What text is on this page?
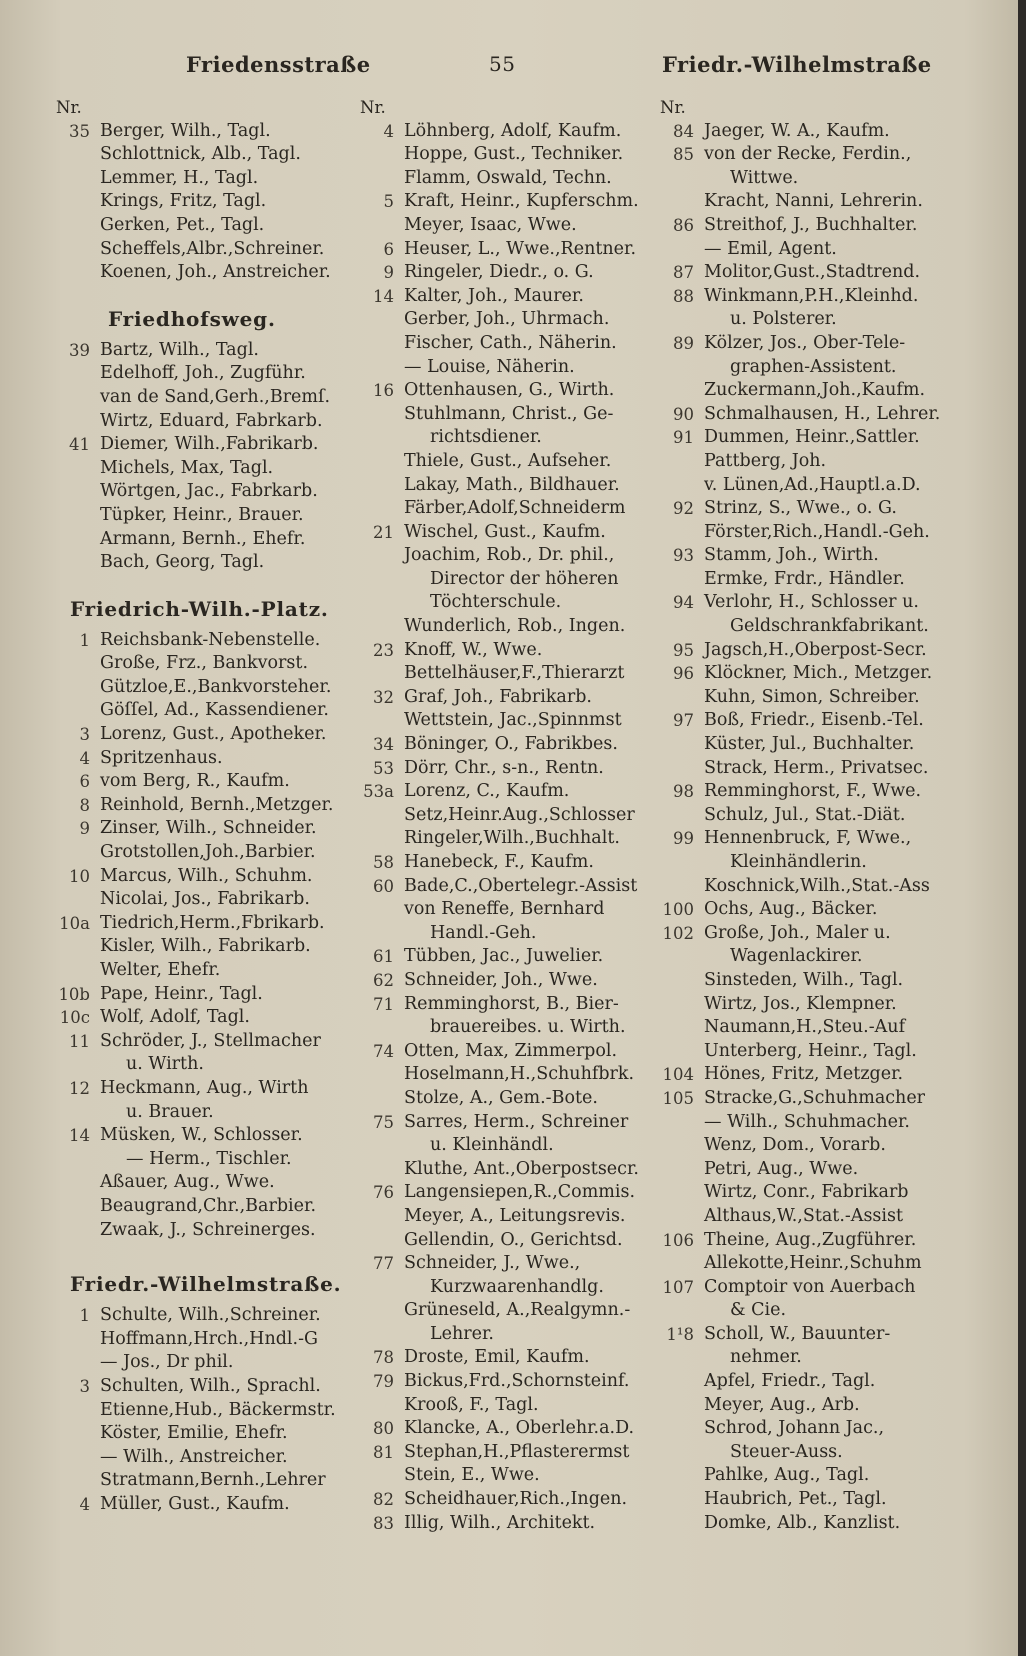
Friedensstraße	55	Friedr.-Wilhelmstraße
Nr.
35 Berger, Wilh., Tagl.
Schlottnick, Alb., Tagl.
Lemmer, H., Tagl.
Krings, Fritz, Tagl.
Gerken, Pet., Tagl.
Scheffels,Albr.,Schreiner.
Koenen, Joh., Anstreicher.
Friedhofsweg.
39 Bartz, Wilh., Tagl.
Edelhoff, Joh., Zugführ.
van de Sand,Gerh.,Bremſ.
Wirtz, Eduard, Fabrkarb.
41 Diemer, Wilh.,Fabrikarb.
Michels, Max, Tagl.
Wörtgen, Jac., Fabrkarb.
Tüpker, Heinr., Brauer.
Armann, Bernh., Ehefr.
Bach, Georg, Tagl.
Friedrich-Wilh.-Platz.
1 Reichsbank-Nebenstelle.
Große, Frz., Bankvorst.
Gützloe,E.,Bankvorsteher.
Göſſel, Ad., Kassendiener.
3 Lorenz, Gust., Apotheker.
4 Spritzenhaus.
6 vom Berg, R., Kaufm.
8 Reinhold, Bernh.,Metzger.
9 Zinser, Wilh., Schneider.
Grotstollen,Joh.,Barbier.
10 Marcus, Wilh., Schuhm.
Nicolai, Jos., Fabrikarb.
10a Tiedrich,Herm.,Fbrikarb.
Kisler, Wilh., Fabrikarb.
Welter, Ehefr.
10b Pape, Heinr., Tagl.
10c Wolf, Adolf, Tagl.
11 Schröder, J., Stellmacher
u. Wirth.
12 Heckmann, Aug., Wirth
u. Brauer.
14 Müsken, W., Schlosser.
— Herm., Tischler.
Aßauer, Aug., Wwe.
Beaugrand,Chr.,Barbier.
Zwaak, J., Schreinerges.
Friedr.-Wilhelmstraße.
1 Schulte, Wilh.,Schreiner.
Hoffmann,Hrch.,Hndl.-G
— Jos., Dr phil.
3 Schulten, Wilh., Sprachl.
Etienne,Hub., Bäckermstr.
Köster, Emilie, Ehefr.
— Wilh., Anstreicher.
Stratmann,Bernh.,Lehrer
4 Müller, Gust., Kaufm.
Nr.
4 Löhnberg, Adolf, Kaufm.
Hoppe, Gust., Techniker.
Flamm, Oswald, Techn.
5 Kraft, Heinr., Kupferschm.
Meyer, Isaac, Wwe.
6 Heuser, L., Wwe.,Rentner.
9 Ringeler, Diedr., o. G.
14 Kalter, Joh., Maurer.
Gerber, Joh., Uhrmach.
Fischer, Cath., Näherin.
— Louise, Näherin.
16 Ottenhausen, G., Wirth.
Stuhlmann, Christ., Ge-
richtsdiener.
Thiele, Gust., Aufseher.
Lakay, Math., Bildhauer.
Färber,Adolf,Schneiderm
21 Wischel, Gust., Kaufm.
Joachim, Rob., Dr. phil.,
Director der höheren
Töchterschule.
Wunderlich, Rob., Ingen.
23 Knoff, W., Wwe.
Bettelhäuser,F.,Thierarzt
32 Graf, Joh., Fabrikarb.
Wettstein, Jac.,Spinnmst
34 Böninger, O., Fabrikbes.
53 Dörr, Chr., s-n., Rentn.
53a Lorenz, C., Kaufm.
Setz,Heinr.Aug.,Schlosser
Ringeler,Wilh.,Buchhalt.
58 Hanebeck, F., Kaufm.
60 Bade,C.,Obertelegr.-Assist
von Reneffe, Bernhard
Handl.-Geh.
61 Tübben, Jac., Juwelier.
62 Schneider, Joh., Wwe.
71 Remminghorst, B., Bier-
brauereibes. u. Wirth.
74 Otten, Max, Zimmerpol.
Hoselmann,H.,Schuhfbrk.
Stolze, A., Gem.-Bote.
75 Sarres, Herm., Schreiner
u. Kleinhändl.
Kluthe, Ant.,Oberpostsecr.
76 Langensiepen,R.,Commis.
Meyer, A., Leitungsrevis.
Gellendin, O., Gerichtsd.
77 Schneider, J., Wwe.,
Kurzwaarenhandlg.
Grüneseld, A.,Realgymn.-
Lehrer.
78 Droste, Emil, Kaufm.
79 Bickus,Frd.,Schornsteinf.
Krooß, F., Tagl.
80 Klancke, A., Oberlehr.a.D.
81 Stephan,H.,Pflasterermst
Stein, E., Wwe.
82 Scheidhauer,Rich.,Ingen.
83 Illig, Wilh., Architekt.
Nr.
84 Jaeger, W. A., Kaufm.
85 von der Recke, Ferdin.,
Wittwe.
Kracht, Nanni, Lehrerin.
86 Streithof, J., Buchhalter.
— Emil, Agent.
87 Molitor,Gust.,Stadtrend.
88 Winkmann,P.H.,Kleinhd.
u. Polsterer.
89 Kölzer, Jos., Ober-Tele-
graphen-Assistent.
Zuckermann,Joh.,Kaufm.
90 Schmalhausen, H., Lehrer.
91 Dummen, Heinr.,Sattler.
Pattberg, Joh.
v. Lünen,Ad.,Hauptl.a.D.
92 Strinz, S., Wwe., o. G.
Förster,Rich.,Handl.-Geh.
93 Stamm, Joh., Wirth.
Ermke, Frdr., Händler.
94 Verlohr, H., Schlosser u.
Geldschrankfabrikant.
95 Jagsch,H.,Oberpost-Secr.
96 Klöckner, Mich., Metzger.
Kuhn, Simon, Schreiber.
97 Boß, Friedr., Eisenb.-Tel.
Küster, Jul., Buchhalter.
Strack, Herm., Privatsec.
98 Remminghorst, F., Wwe.
Schulz, Jul., Stat.-Diät.
99 Hennenbruck, F, Wwe.,
Kleinhändlerin.
Koschnick,Wilh.,Stat.-Ass
100 Ochs, Aug., Bäcker.
102 Große, Joh., Maler u.
Wagenlackirer.
Sinsteden, Wilh., Tagl.
Wirtz, Jos., Klempner.
Naumann,H.,Steu.-Auf
Unterberg, Heinr., Tagl.
104 Hönes, Fritz, Metzger.
105 Stracke,G.,Schuhmacher
— Wilh., Schuhmacher.
Wenz, Dom., Vorarb.
Petri, Aug., Wwe.
Wirtz, Conr., Fabrikarb
Althaus,W.,Stat.-Assist
106 Theine, Aug.,Zugführer.
Allekotte,Heinr.,Schuhm
107 Comptoir von Auerbach
& Cie.
1¹8 Scholl, W., Bauunter-
nehmer.
Apfel, Friedr., Tagl.
Meyer, Aug., Arb.
Schrod, Johann Jac.,
Steuer-Auss.
Pahlke, Aug., Tagl.
Haubrich, Pet., Tagl.
Domke, Alb., Kanzlist.
